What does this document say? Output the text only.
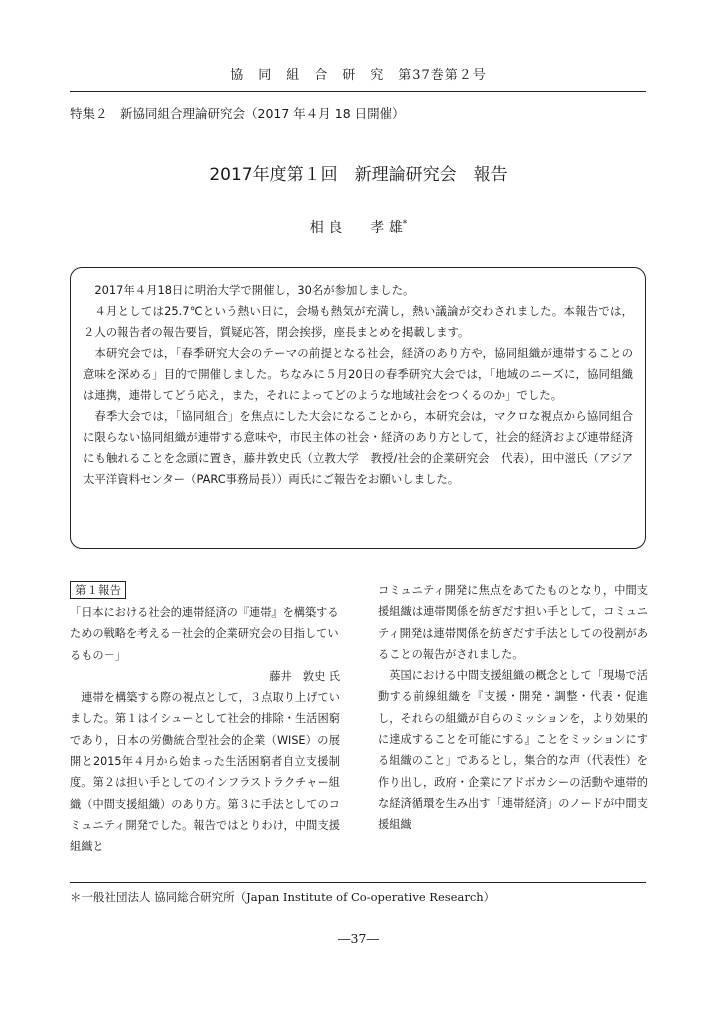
協　同　組　合　研　究　第37巻第２号
特集２　新協同組合理論研究会（2017 年４月 18 日開催）
2017年度第１回　新理論研究会　報告
相 良　　孝 雄*

2017年４月18日に明治大学で開催し，30名が参加しました。

４月としては25.7℃という熱い日に，会場も熱気が充満し，熱い議論が交わされました。本報告では，２人の報告者の報告要旨，質疑応答，閉会挨拶，座長まとめを掲載します。

本研究会では，「春季研究大会のテーマの前提となる社会，経済のあり方や，協同組織が連帯することの意味を深める」目的で開催しました。ちなみに５月20日の春季研究大会では，「地域のニーズに，協同組織は連携，連帯してどう応え，また，それによってどのような地域社会をつくるのか」でした。

春季大会では，「協同組合」を焦点にした大会になることから，本研究会は，マクロな視点から協同組合に限らない協同組織が連帯する意味や，市民主体の社会・経済のあり方として，社会的経済および連帯経済にも触れることを念頭に置き，藤井敦史氏（立教大学　教授/社会的企業研究会　代表），田中滋氏（アジア太平洋資料センター（PARC事務局長））両氏にご報告をお願いしました。

第１報告

「日本における社会的連帯経済の『連帯』を構築するための戦略を考える－社会的企業研究会の目指しているもの－」

藤井　敦史 氏

連帯を構築する際の視点として，３点取り上げていました。第１はイシューとして社会的排除・生活困窮であり，日本の労働統合型社会的企業（WISE）の展開と2015年４月から始まった生活困窮者自立支援制度。第２は担い手としてのインフラストラクチャー組織（中間支援組織）のあり方。第３に手法としてのコミュニティ開発でした。報告ではとりわけ，中間支援組織と

コミュニティ開発に焦点をあてたものとなり，中間支援組織は連帯関係を紡ぎだす担い手として，コミュニティ開発は連帯関係を紡ぎだす手法としての役割があることの報告がされました。

英国における中間支援組織の概念として「現場で活動する前線組織を『支援・開発・調整・代表・促進し，それらの組織が自らのミッションを，より効果的に達成することを可能にする』ことをミッションにする組織のこと」であるとし，集合的な声（代表性）を作り出し，政府・企業にアドボカシーの活動や連帯的な経済循環を生み出す「連帯経済」のノードが中間支援組織

＊一般社団法人 協同総合研究所（Japan Institute of Co-operative Research）
―37―
